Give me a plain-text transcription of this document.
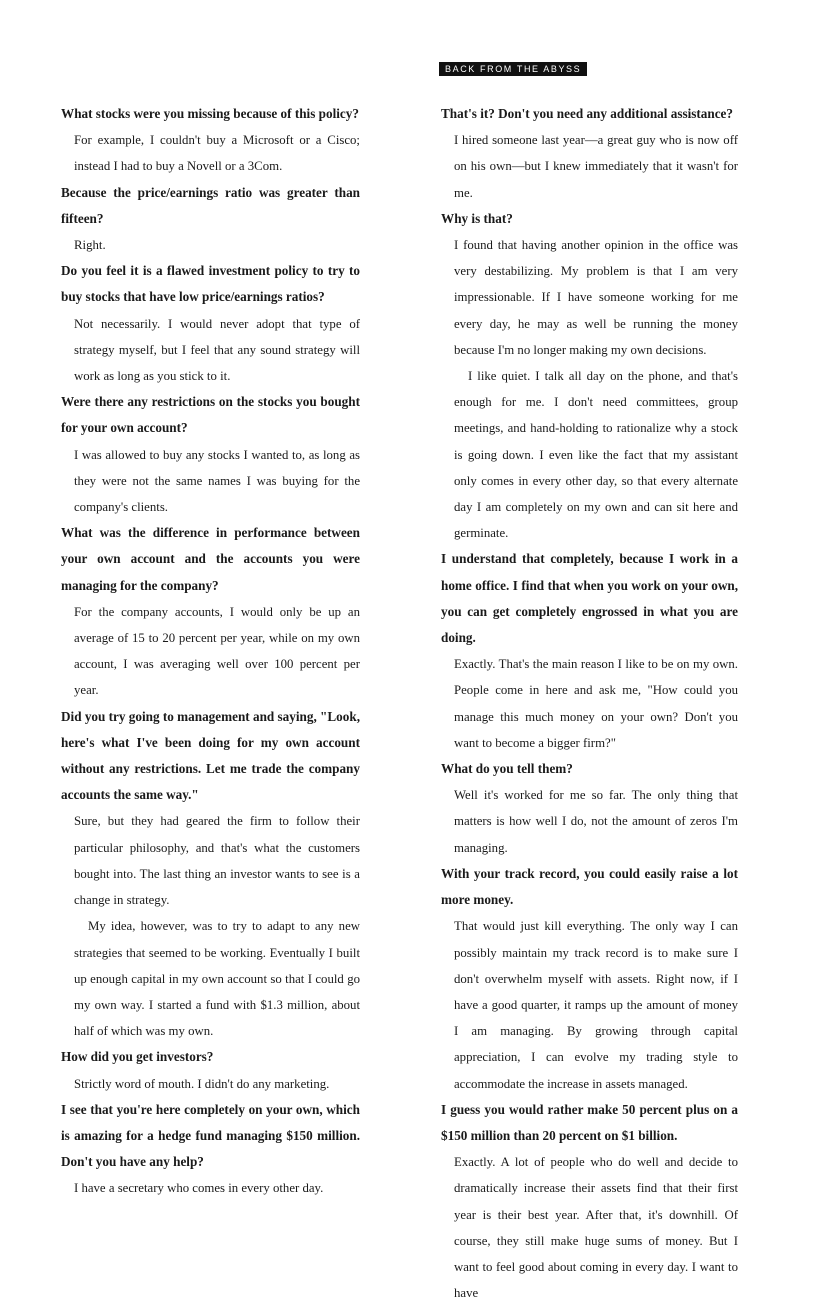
BACK FROM THE ABYSS
What stocks were you missing because of this policy?
For example, I couldn't buy a Microsoft or a Cisco; instead I had to buy a Novell or a 3Com.
Because the price/earnings ratio was greater than fifteen?
Right.
Do you feel it is a flawed investment policy to try to buy stocks that have low price/earnings ratios?
Not necessarily. I would never adopt that type of strategy myself, but I feel that any sound strategy will work as long as you stick to it.
Were there any restrictions on the stocks you bought for your own account?
I was allowed to buy any stocks I wanted to, as long as they were not the same names I was buying for the company's clients.
What was the difference in performance between your own account and the accounts you were managing for the company?
For the company accounts, I would only be up an average of 15 to 20 percent per year, while on my own account, I was averaging well over 100 percent per year.
Did you try going to management and saying, "Look, here's what I've been doing for my own account without any restrictions. Let me trade the company accounts the same way."
Sure, but they had geared the firm to follow their particular philosophy, and that's what the customers bought into. The last thing an investor wants to see is a change in strategy.
My idea, however, was to try to adapt to any new strategies that seemed to be working. Eventually I built up enough capital in my own account so that I could go my own way. I started a fund with $1.3 million, about half of which was my own.
How did you get investors?
Strictly word of mouth. I didn't do any marketing.
I see that you're here completely on your own, which is amazing for a hedge fund managing $150 million. Don't you have any help?
I have a secretary who comes in every other day.
That's it? Don't you need any additional assistance?
I hired someone last year—a great guy who is now off on his own—but I knew immediately that it wasn't for me.
Why is that?
I found that having another opinion in the office was very destabilizing. My problem is that I am very impressionable. If I have someone working for me every day, he may as well be running the money because I'm no longer making my own decisions.
I like quiet. I talk all day on the phone, and that's enough for me. I don't need committees, group meetings, and hand-holding to rationalize why a stock is going down. I even like the fact that my assistant only comes in every other day, so that every alternate day I am completely on my own and can sit here and germinate.
I understand that completely, because I work in a home office. I find that when you work on your own, you can get completely engrossed in what you are doing.
Exactly. That's the main reason I like to be on my own. People come in here and ask me, "How could you manage this much money on your own? Don't you want to become a bigger firm?"
What do you tell them?
Well it's worked for me so far. The only thing that matters is how well I do, not the amount of zeros I'm managing.
With your track record, you could easily raise a lot more money.
That would just kill everything. The only way I can possibly maintain my track record is to make sure I don't overwhelm myself with assets. Right now, if I have a good quarter, it ramps up the amount of money I am managing. By growing through capital appreciation, I can evolve my trading style to accommodate the increase in assets managed.
I guess you would rather make 50 percent plus on a $150 million than 20 percent on $1 billion.
Exactly. A lot of people who do well and decide to dramatically increase their assets find that their first year is their best year. After that, it's downhill. Of course, they still make huge sums of money. But I want to feel good about coming in every day. I want to have
